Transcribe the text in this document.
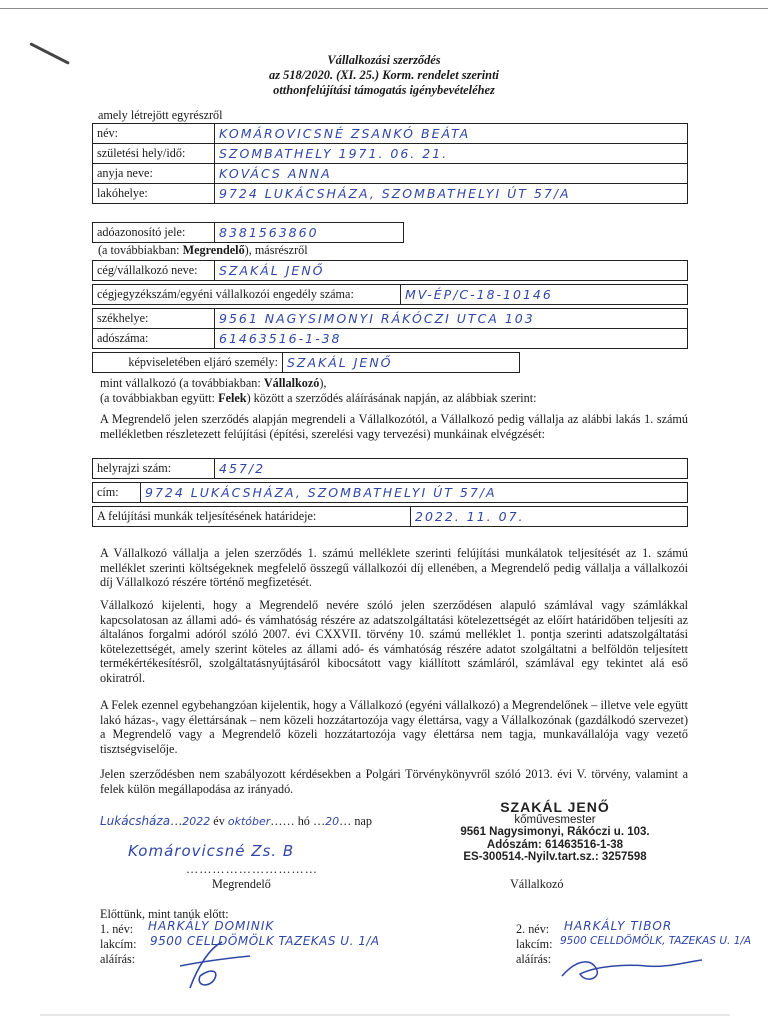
Vállalkozási szerződés
az 518/2020. (XI. 25.) Korm. rendelet szerinti
otthonfelújítási támogatás igénybevételéhez
amely létrejött egyrészről
név:	KOMÁROVICSNÉ ZSANKÓ BEÁTA
születési hely/idő:	SZOMBATHELY 1971. 06. 21.
anyja neve:	KOVÁCS ANNA
lakóhelye:	9724 LUKÁCSHÁZA, SZOMBATHELYI ÚT 57/A
adóazonosító jele:	8381563860
(a továbbiakban: Megrendelő), másrészről
cég/vállalkozó neve:	SZAKÁL JENŐ
cégjegyzékszám/egyéni vállalkozói engedély száma:	MV-ÉP/C-18-10146
székhelye:	9561 NAGYSIMONYI RÁKÓCZI UTCA 103
adószáma:	61463516-1-38
képviseletében eljáró személy:	SZAKÁL JENŐ
mint vállalkozó (a továbbiakban: Vállalkozó),
(a továbbiakban együtt: Felek) között a szerződés aláírásának napján, az alábbiak szerint:
A Megrendelő jelen szerződés alapján megrendeli a Vállalkozótól, a Vállalkozó pedig vállalja az alábbi lakás 1. számú mellékletben részletezett felújítási (építési, szerelési vagy tervezési) munkáinak elvégzését:
helyrajzi szám:	457/2
cím:	9724 LUKÁCSHÁZA, SZOMBATHELYI ÚT 57/A
A felújítási munkák teljesítésének határideje:	2022. 11. 07.
A Vállalkozó vállalja a jelen szerződés 1. számú melléklete szerinti felújítási munkálatok teljesítését az 1. számú melléklet szerinti költségeknek megfelelő összegű vállalkozói díj ellenében, a Megrendelő pedig vállalja a vállalkozói díj Vállalkozó részére történő megfizetését.
Vállalkozó kijelenti, hogy a Megrendelő nevére szóló jelen szerződésen alapuló számlával vagy számlákkal kapcsolatosan az állami adó- és vámhatóság részére az adatszolgáltatási kötelezettségét az előírt határidőben teljesíti az általános forgalmi adóról szóló 2007. évi CXXVII. törvény 10. számú melléklet 1. pontja szerinti adatszolgáltatási kötelezettségét, amely szerint köteles az állami adó- és vámhatóság részére adatot szolgáltatni a belföldön teljesített termékértékesítésről, szolgáltatásnyújtásáról kibocsátott vagy kiállított számláról, számlával egy tekintet alá eső okiratról.
A Felek ezennel egybehangzóan kijelentik, hogy a Vállalkozó (egyéni vállalkozó) a Megrendelőnek – illetve vele együtt lakó házas-, vagy élettársának – nem közeli hozzátartozója vagy élettársa, vagy a Vállalkozónak (gazdálkodó szervezet) a Megrendelő vagy a Megrendelő közeli hozzátartozója vagy élettársa nem tagja, munkavállalója vagy vezető tisztségviselője.
Jelen szerződésben nem szabályozott kérdésekben a Polgári Törvénykönyvről szóló 2013. évi V. törvény, valamint a felek külön megállapodása az irányadó.
Lukácsháza…2022 év október…… hó …20… nap
Komárovicsné Zs. B
…………………………
Megrendelő
SZAKÁL JENŐ
kőművesmester
9561 Nagysimonyi, Rákóczi u. 103.
Adószám: 61463516-1-38
ES-300514.-Nyilv.tart.sz.: 3257598
Vállalkozó
Előttünk, mint tanúk előtt:
1. név: HARKÁLY DOMINIK
lakcím: 9500 CELLDÖMÖLK TAZEKAS U. 1/A
aláírás:
2. név: HARKÁLY TIBOR
lakcím: 9500 CELLDÖMÖLK, TAZEKAS U. 1/A
aláírás:
